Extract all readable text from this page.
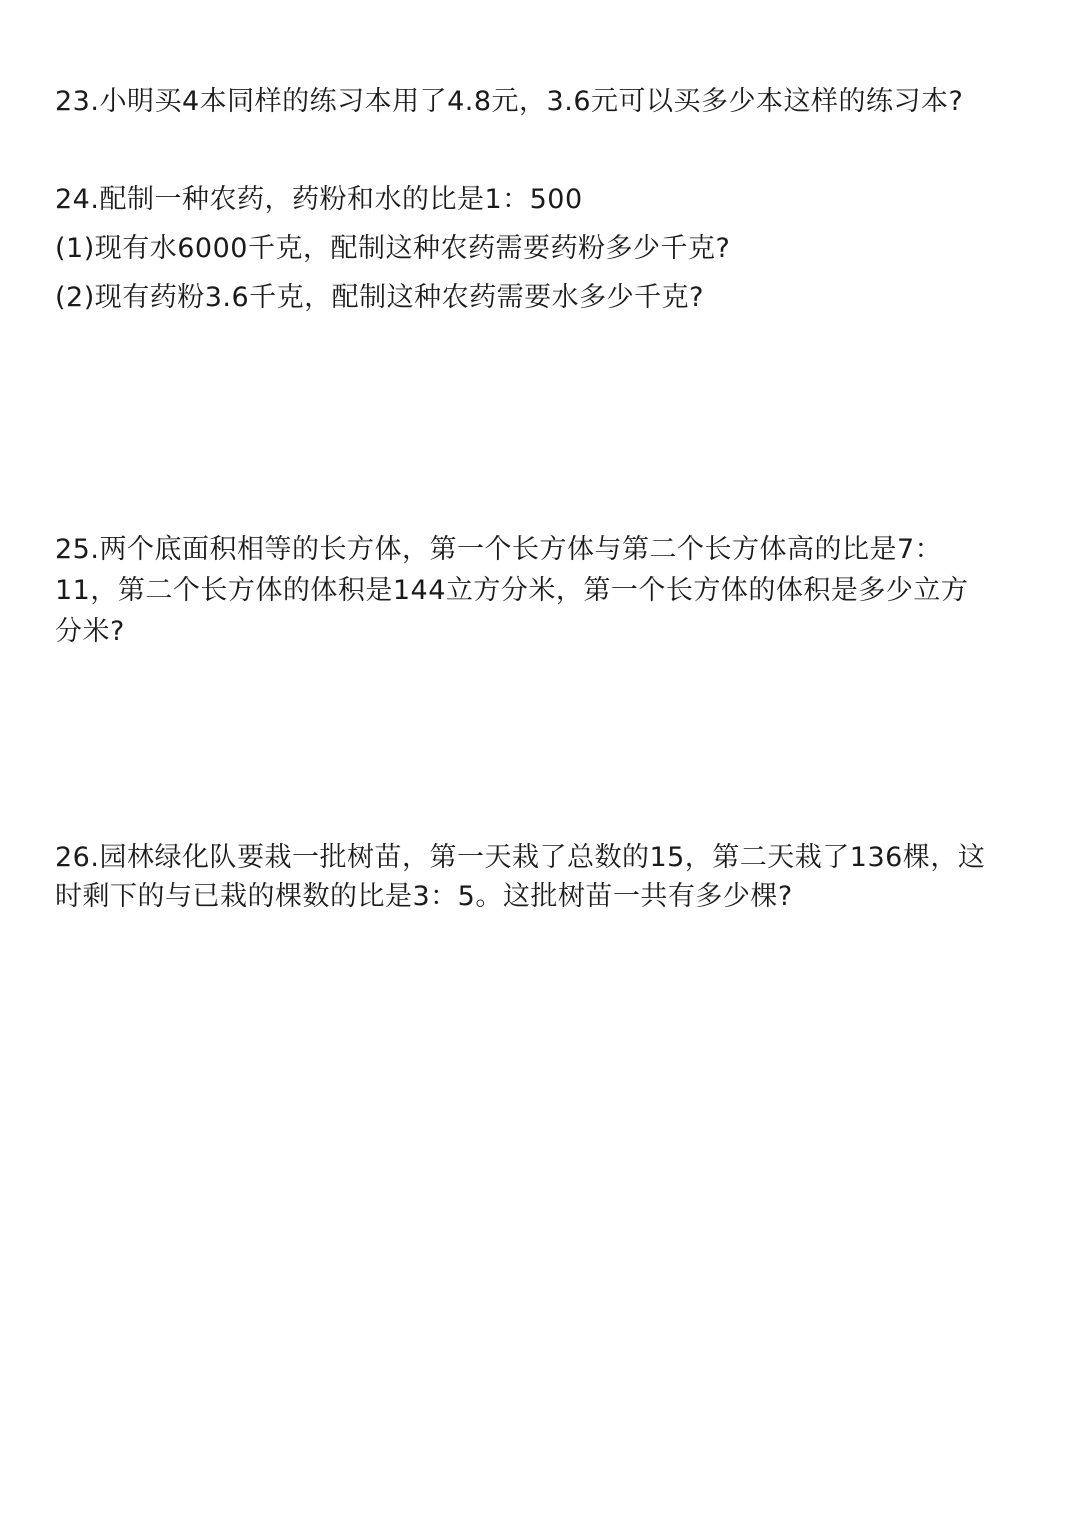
23.小明买4本同样的练习本用了4.8元，3.6元可以买多少本这样的练习本?
24.配制一种农药，药粉和水的比是1：500
(1)现有水6000千克，配制这种农药需要药粉多少千克?
(2)现有药粉3.6千克，配制这种农药需要水多少千克?
25.两个底面积相等的长方体，第一个长方体与第二个长方体高的比是7：
11，第二个长方体的体积是144立方分米，第一个长方体的体积是多少立方
分米?
26.园林绿化队要栽一批树苗，第一天栽了总数的15，第二天栽了136棵，这
时剩下的与已栽的棵数的比是3：5。这批树苗一共有多少棵?
